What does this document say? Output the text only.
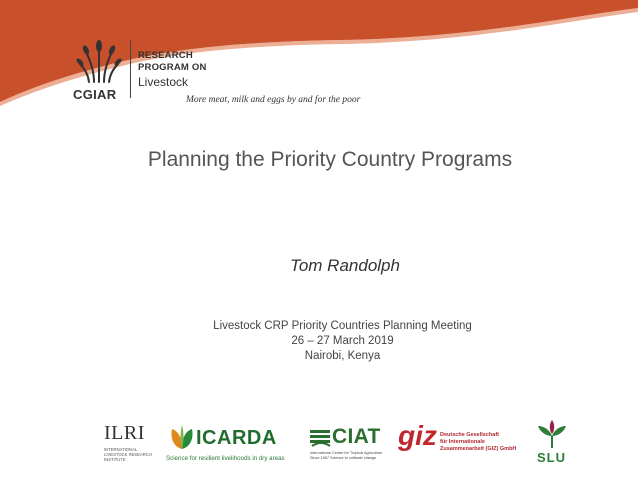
CGIAR
RESEARCH
PROGRAM ON
Livestock
More meat, milk and eggs by and for the poor
Planning the Priority Country Programs
Tom Randolph
Livestock CRP Priority Countries Planning Meeting
26 – 27 March 2019
Nairobi, Kenya
ILRI
INTERNATIONAL LIVESTOCK RESEARCH INSTITUTE
ICARDA
Science for resilient livelihoods in dry areas
CIAT
International Center for Tropical Agriculture
Since 1967 Science to cultivate change
giz Deutsche Gesellschaft
für Internationale
Zusammenarbeit (GIZ) GmbH
SLU
